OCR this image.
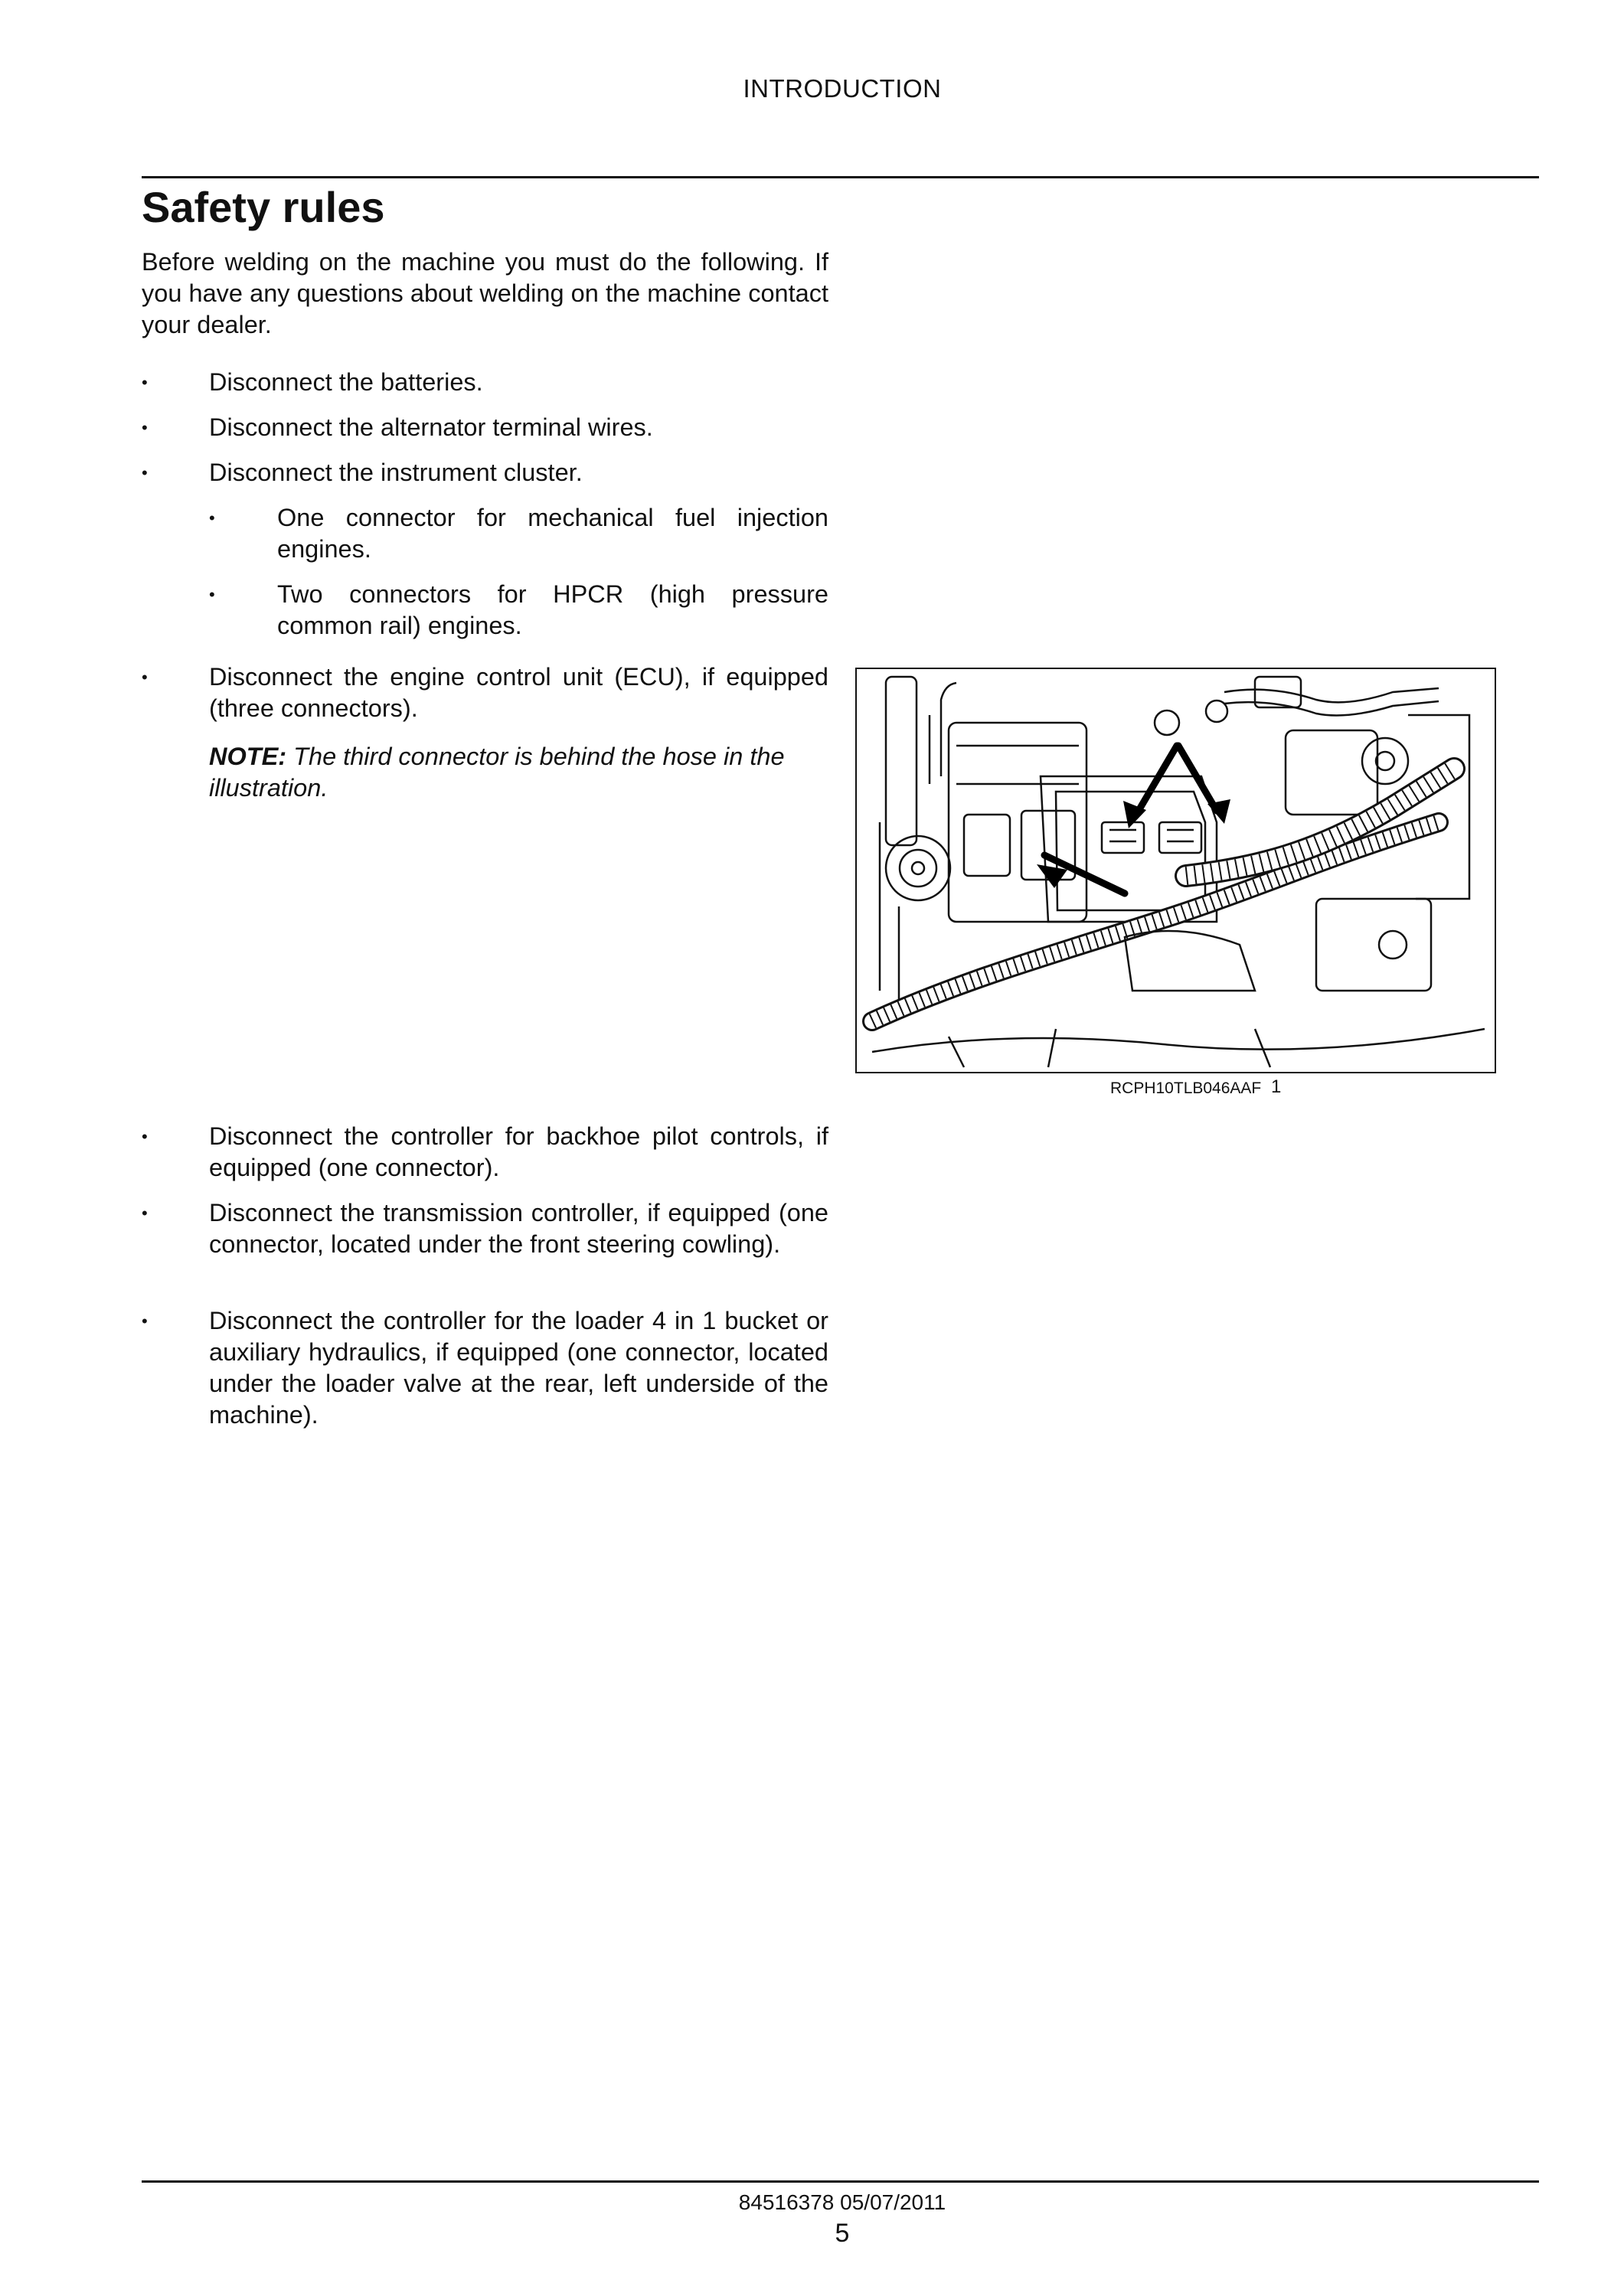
INTRODUCTION
Safety rules
Before welding on the machine you must do the following. If you have any questions about welding on the machine contact your dealer.
•	Disconnect the batteries.
•	Disconnect the alternator terminal wires.
•	Disconnect the instrument cluster.
•	One connector for mechanical fuel injection engines.
•	Two connectors for HPCR (high pressure common rail) engines.
•	Disconnect the engine control unit (ECU), if equipped (three connectors).
NOTE: The third connector is behind the hose in the illustration.
RCPH10TLB046AAF 1
•	Disconnect the controller for backhoe pilot controls, if equipped (one connector).
•	Disconnect the transmission controller, if equipped (one connector, located under the front steering cowling).
•	Disconnect the controller for the loader 4 in 1 bucket or auxiliary hydraulics, if equipped (one connector, located under the loader valve at the rear, left underside of the machine).
84516378 05/07/2011
5
